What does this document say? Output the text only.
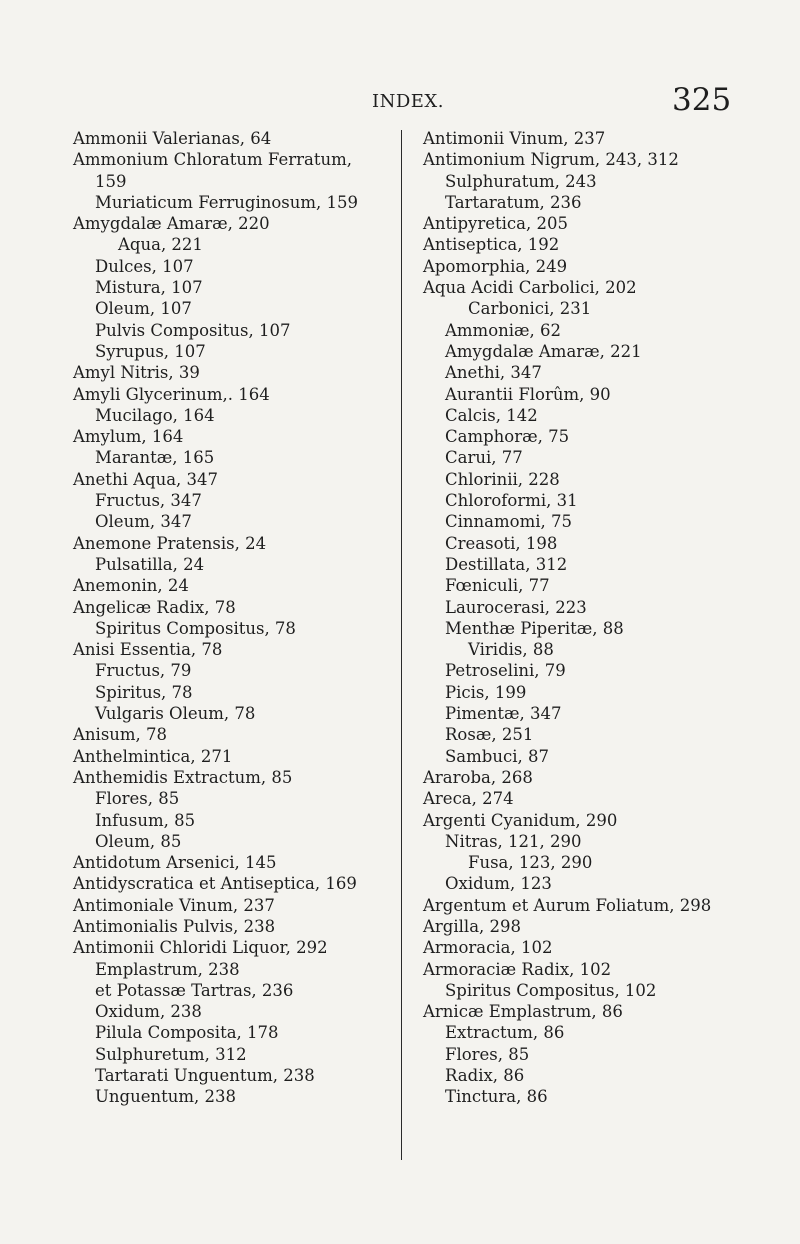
INDEX.	325
Ammonii Valerianas, 64
Ammonium Chloratum Ferratum,
159
Muriaticum Ferruginosum, 159
Amygdalæ Amaræ, 220
Aqua, 221
Dulces, 107
Mistura, 107
Oleum, 107
Pulvis Compositus, 107
Syrupus, 107
Amyl Nitris, 39
Amyli Glycerinum,. 164
Mucilago, 164
Amylum, 164
Marantæ, 165
Anethi Aqua, 347
Fructus, 347
Oleum, 347
Anemone Pratensis, 24
Pulsatilla, 24
Anemonin, 24
Angelicæ Radix, 78
Spiritus Compositus, 78
Anisi Essentia, 78
Fructus, 79
Spiritus, 78
Vulgaris Oleum, 78
Anisum, 78
Anthelmintica, 271
Anthemidis Extractum, 85
Flores, 85
Infusum, 85
Oleum, 85
Antidotum Arsenici, 145
Antidyscratica et Antiseptica, 169
Antimoniale Vinum, 237
Antimonialis Pulvis, 238
Antimonii Chloridi Liquor, 292
Emplastrum, 238
et Potassæ Tartras, 236
Oxidum, 238
Pilula Composita, 178
Sulphuretum, 312
Tartarati Unguentum, 238
Unguentum, 238
Antimonii Vinum, 237
Antimonium Nigrum, 243, 312
Sulphuratum, 243
Tartaratum, 236
Antipyretica, 205
Antiseptica, 192
Apomorphia, 249
Aqua Acidi Carbolici, 202
Carbonici, 231
Ammoniæ, 62
Amygdalæ Amaræ, 221
Anethi, 347
Aurantii Florûm, 90
Calcis, 142
Camphoræ, 75
Carui, 77
Chlorinii, 228
Chloroformi, 31
Cinnamomi, 75
Creasoti, 198
Destillata, 312
Fœniculi, 77
Laurocerasi, 223
Menthæ Piperitæ, 88
Viridis, 88
Petroselini, 79
Picis, 199
Pimentæ, 347
Rosæ, 251
Sambuci, 87
Araroba, 268
Areca, 274
Argenti Cyanidum, 290
Nitras, 121, 290
Fusa, 123, 290
Oxidum, 123
Argentum et Aurum Foliatum, 298
Argilla, 298
Armoracia, 102
Armoraciæ Radix, 102
Spiritus Compositus, 102
Arnicæ Emplastrum, 86
Extractum, 86
Flores, 85
Radix, 86
Tinctura, 86
